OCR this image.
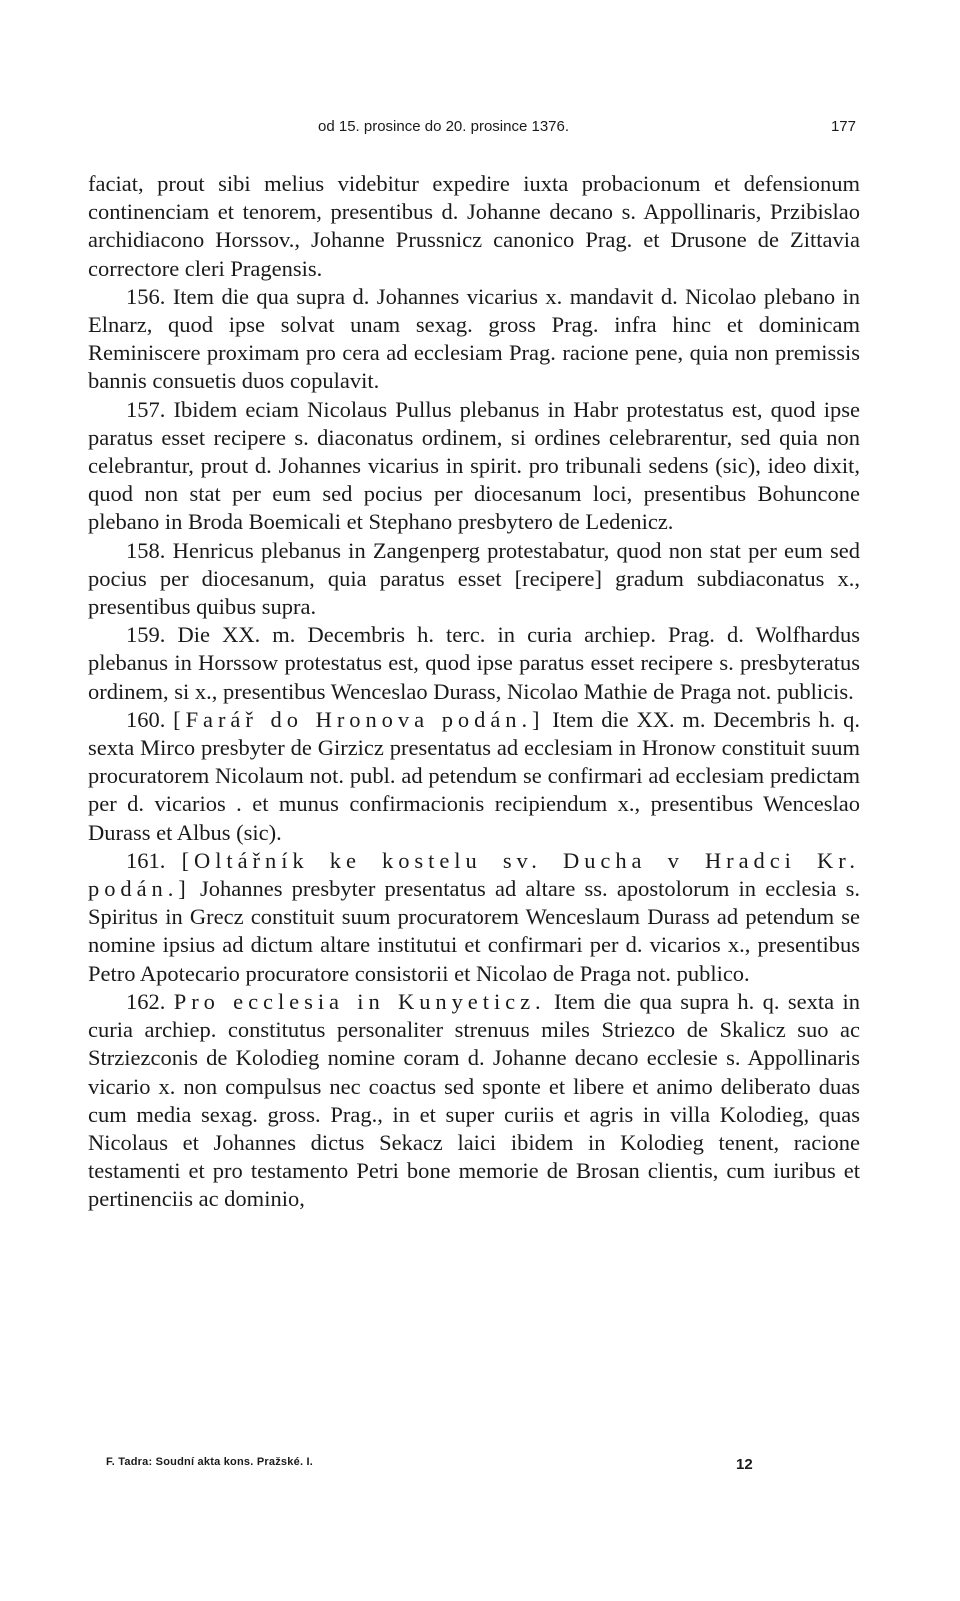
od 15. prosince do 20. prosince 1376.	177

faciat, prout sibi melius videbitur expedire iuxta probacionum et defensionum continenciam et tenorem, presentibus d. Johanne decano s. Appollinaris, Przibislao archidiacono Horssov., Johanne Prussnicz canonico Prag. et Drusone de Zittavia correctore cleri Pragensis.

156. Item die qua supra d. Johannes vicarius x. mandavit d. Nicolao plebano in Elnarz, quod ipse solvat unam sexag. gross Prag. infra hinc et dominicam Reminiscere proximam pro cera ad ecclesiam Prag. racione pene, quia non premissis bannis consuetis duos copulavit.

157. Ibidem eciam Nicolaus Pullus plebanus in Habr protestatus est, quod ipse paratus esset recipere s. diaconatus ordinem, si ordines celebrarentur, sed quia non celebrantur, prout d. Johannes vicarius in spirit. pro tribunali sedens (sic), ideo dixit, quod non stat per eum sed pocius per diocesanum loci, presentibus Bohuncone plebano in Broda Boemicali et Stephano presbytero de Ledenicz.

158. Henricus plebanus in Zangenperg protestabatur, quod non stat per eum sed pocius per diocesanum, quia paratus esset [recipere] gradum subdiaconatus x., presentibus quibus supra.

159. Die XX. m. Decembris h. terc. in curia archiep. Prag. d. Wolfhardus plebanus in Horssow protestatus est, quod ipse paratus esset recipere s. presbyteratus ordinem, si x., presentibus Wenceslao Durass, Nicolao Mathie de Praga not. publicis.

160. [Farář do Hronova podán.] Item die XX. m. Decembris h. q. sexta Mirco presbyter de Girzicz presentatus ad ecclesiam in Hronow constituit suum procuratorem Nicolaum not. publ. ad petendum se confirmari ad ecclesiam predictam per d. vicarios . et munus confirmacionis recipiendum x., presentibus Wenceslao Durass et Albus (sic).

161. [Oltářník ke kostelu sv. Ducha v Hradci Kr. podán.] Johannes presbyter presentatus ad altare ss. apostolorum in ecclesia s. Spiritus in Grecz constituit suum procuratorem Wenceslaum Durass ad petendum se nomine ipsius ad dictum altare institutui et confirmari per d. vicarios x., presentibus Petro Apotecario procuratore consistorii et Nicolao de Praga not. publico.

162. Pro ecclesia in Kunyeticz. Item die qua supra h. q. sexta in curia archiep. constitutus personaliter strenuus miles Striezco de Skalicz suo ac Strziezconis de Kolodieg nomine coram d. Johanne decano ecclesie s. Appollinaris vicario x. non compulsus nec coactus sed sponte et libere et animo deliberato duas cum media sexag. gross. Prag., in et super curiis et agris in villa Kolodieg, quas Nicolaus et Johannes dictus Sekacz laici ibidem in Kolodieg tenent, racione testamenti et pro testamento Petri bone memorie de Brosan clientis, cum iuribus et pertinenciis ac dominio,

F. Tadra: Soudní akta kons. Pražské. I.	12
